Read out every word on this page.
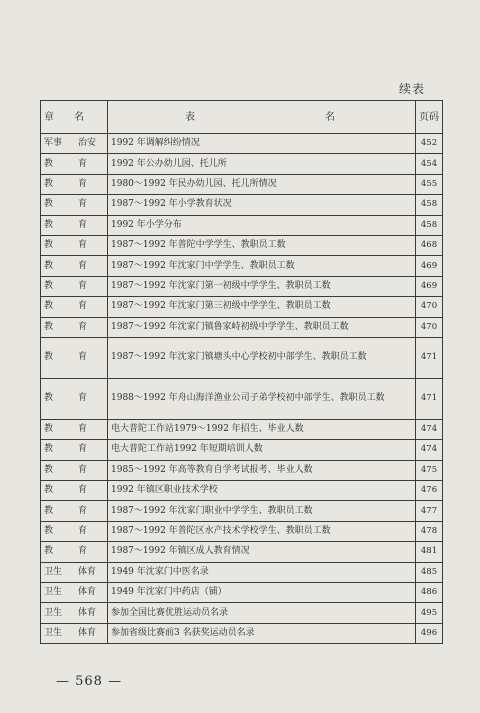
续表
章 名	表 名	页码
军事 治安	1992 年调解纠纷情况	452
教 育	1992 年公办幼儿园、托儿所	454
教 育	1980～1992 年民办幼儿园、托儿所情况	455
教 育	1987～1992 年小学教育状况	458
教 育	1992 年小学分布	458
教 育	1987～1992 年普陀中学学生、教职员工数	468
教 育	1987～1992 年沈家门中学学生、教职员工数	469
教 育	1987～1992 年沈家门第一初级中学学生、教职员工数	469
教 育	1987～1992 年沈家门第三初级中学学生、教职员工数	470
教 育	1987～1992 年沈家门镇鲁家峙初级中学学生、教职员工数	470
教 育	1987～1992 年沈家门镇塘头中心学校初中部学生、教职员工数	471
教 育	1988～1992 年舟山海洋渔业公司子弟学校初中部学生、教职员工数	471
教 育	电大普陀工作站1979～1992 年招生、毕业人数	474
教 育	电大普陀工作站1992 年短期培训人数	474
教 育	1985～1992 年高等教育自学考试报考、毕业人数	475
教 育	1992 年镇区职业技术学校	476
教 育	1987～1992 年沈家门职业中学学生、教职员工数	477
教 育	1987～1992 年普陀区水产技术学校学生、教职员工数	478
教 育	1987～1992 年镇区成人教育情况	481
卫生 体育	1949 年沈家门中医名录	485
卫生 体育	1949 年沈家门中药店（铺）	486
卫生 体育	参加全国比赛优胜运动员名录	495
卫生 体育	参加省级比赛前3 名获奖运动员名录	496
— 568 —
